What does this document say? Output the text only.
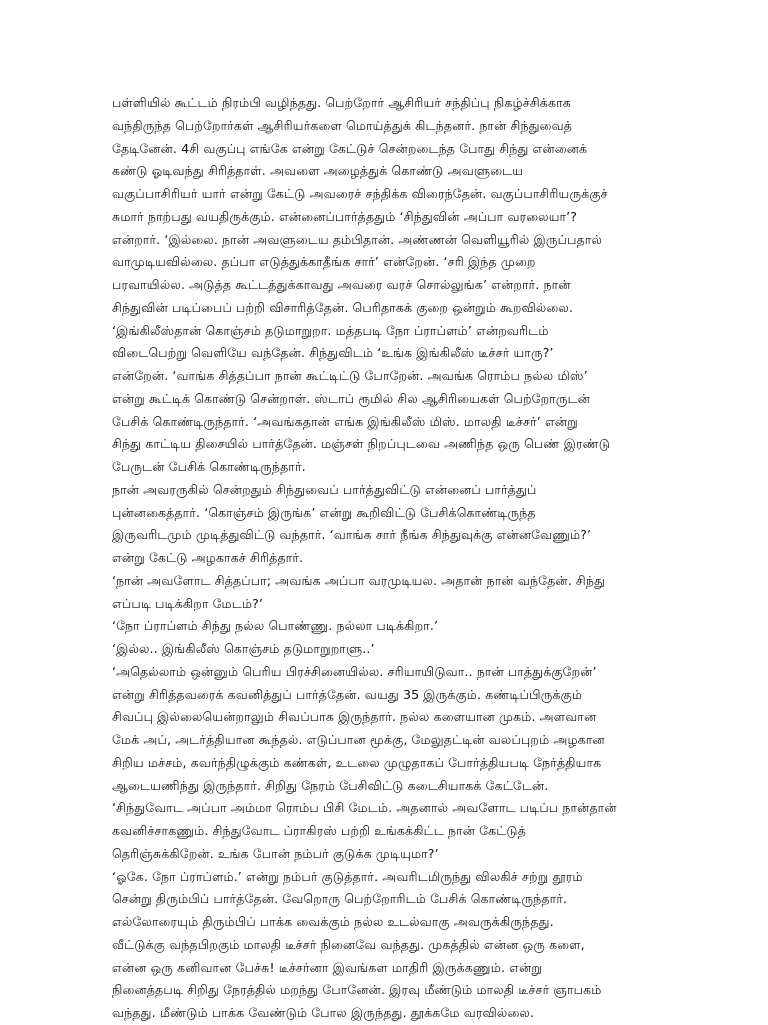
பள்ளியில் கூட்டம் நிரம்பி வழிந்தது. பெற்றோர் ஆசிரியர் சந்திப்பு நிகழ்ச்சிக்காக
வந்திருந்த பெற்றோர்கள் ஆசிரியர்களை மொய்த்துக் கிடந்தனர். நான் சிந்துவைத்
தேடினேன். 4சி வகுப்பு எங்கே என்று கேட்டுச் சென்றடைந்த போது சிந்து என்னைக்
கண்டு ஓடிவந்து சிரித்தாள். அவளை அழைத்துக் கொண்டு அவளுடைய
வகுப்பாசிரியர் யார் என்று கேட்டு அவரைச் சந்திக்க விரைந்தேன். வகுப்பாசிரியருக்குச்
சுமார் நாற்பது வயதிருக்கும். என்னைப்பார்த்ததும் ‘சிந்துவின் அப்பா வரலையா’?
என்றார். ‘இல்லை. நான் அவளுடைய தம்பிதான். அண்ணன் வெளியூரில் இருப்பதால்
வாமுடியவில்லை. தப்பா எடுத்துக்காதீங்க சார்’ என்றேன். ‘சரி இந்த முறை
பரவாயில்ல. அடுத்த கூட்டத்துக்காவது அவரை வரச் சொல்லுங்க’ என்றார். நான்
சிந்துவின் படிப்பைப் பற்றி விசாரித்தேன். பெரிதாகக் குறை ஒன்றும் கூறவில்லை.
‘இங்கிலீஸ்தான் கொஞ்சம் தடுமாறுறா. மத்தபடி நோ ப்ராப்ளம்’ என்றவரிடம்
விடைபெற்று வெளியே வந்தேன். சிந்துவிடம் ‘உங்க இங்கிலீஸ் டீச்சர் யாரு?’
என்றேன். ‘வாங்க சித்தப்பா நான் கூட்டிட்டு போறேன். அவங்க ரொம்ப நல்ல மிஸ்’
என்று கூட்டிக் கொண்டு சென்றாள். ஸ்டாப் ரூமில் சில ஆசிரியைகள் பெற்றோருடன்
பேசிக் கொண்டிருந்தார். ‘அவங்கதான் எங்க இங்கிலீஸ் மிஸ். மாலதி டீச்சர்’ என்று
சிந்து காட்டிய திசையில் பார்த்தேன். மஞ்சள் நிறப்புடவை அணிந்த ஒரு பெண் இரண்டு
பேருடன் பேசிக் கொண்டிருந்தார்.
நான் அவரருகில் சென்றதும் சிந்துவைப் பார்த்துவிட்டு என்னைப் பார்த்துப்
புன்னகைத்தார். ‘கொஞ்சம் இருங்க’ என்று கூறிவிட்டு பேசிக்கொண்டிருந்த
இருவரிடமும் முடித்துவிட்டு வந்தார். ‘வாங்க சார் நீங்க சிந்துவுக்கு என்னவேணும்?’
என்று கேட்டு அழகாகச் சிரித்தார்.
‘நான் அவளோட சித்தப்பா; அவங்க அப்பா வரமுடியல. அதான் நான் வந்தேன். சிந்து
எப்படி படிக்கிறா மேடம்?’
‘நோ ப்ராப்ளம் சிந்து நல்ல பொண்ணு. நல்லா படிக்கிறா.’
‘இல்ல.. இங்கிலீஸ் கொஞ்சம் தடுமாறுறாளு..’
‘அதெல்லாம் ஒன்னும் பெரிய பிரச்சினையில்ல. சரியாயிடுவா.. நான் பாத்துக்குறேன்’
என்று சிரித்தவரைக் கவனித்துப் பார்த்தேன். வயது 35 இருக்கும். கண்டிப்பிருக்கும்
சிவப்பு இல்லையென்றாலும் சிவப்பாக இருந்தார். நல்ல களையான முகம். அளவான
மேக் அப், அடர்த்தியான கூந்தல். எடுப்பான மூக்கு, மேலுதட்டின் வலப்புறம் அழகான
சிறிய மச்சம், கவர்ந்திழுக்கும் கண்கள், உடலை முழுதாகப் போர்த்தியபடி நேர்த்தியாக
ஆடையணிந்து இருந்தார். சிறிது நேரம் பேசிவிட்டு கடைசியாகக் கேட்டேன்.
‘சிந்துவோட அப்பா அம்மா ரொம்ப பிசி மேடம். அதனால் அவளோட படிப்ப நான்தான்
கவனிச்சாகணும். சிந்துவோட ப்ராகிரஸ் பற்றி உங்கக்கிட்ட நான் கேட்டுத்
தெரிஞ்சுக்கிறேன். உங்க போன் நம்பர் குடுக்க முடியுமா?’
‘ஓகே. நோ ப்ராப்ளம்.’ என்று நம்பர் குடுத்தார். அவரிடமிருந்து விலகிச் சற்று தூரம்
சென்று திரும்பிப் பார்த்தேன். வேறொரு பெற்றோரிடம் பேசிக் கொண்டிருந்தார்.
எல்லோரையும் திரும்பிப் பாக்க வைக்கும் நல்ல உடல்வாகு அவருக்கிருந்தது.
வீட்டுக்கு வந்தபிறகும் மாலதி டீச்சர் நினைவே வந்தது. முகத்தில் என்ன ஒரு களை,
என்ன ஒரு கனிவான பேச்சு! டீச்சர்னா இவங்கள மாதிரி இருக்கணும். என்று
நினைத்தபடி சிறிது நேரத்தில் மறந்து போனேன். இரவு மீண்டும் மாலதி டீச்சர் ஞாபகம்
வந்தது. மீண்டும் பாக்க வேண்டும் போல இருந்தது. தூக்கமே வரவில்லை.
